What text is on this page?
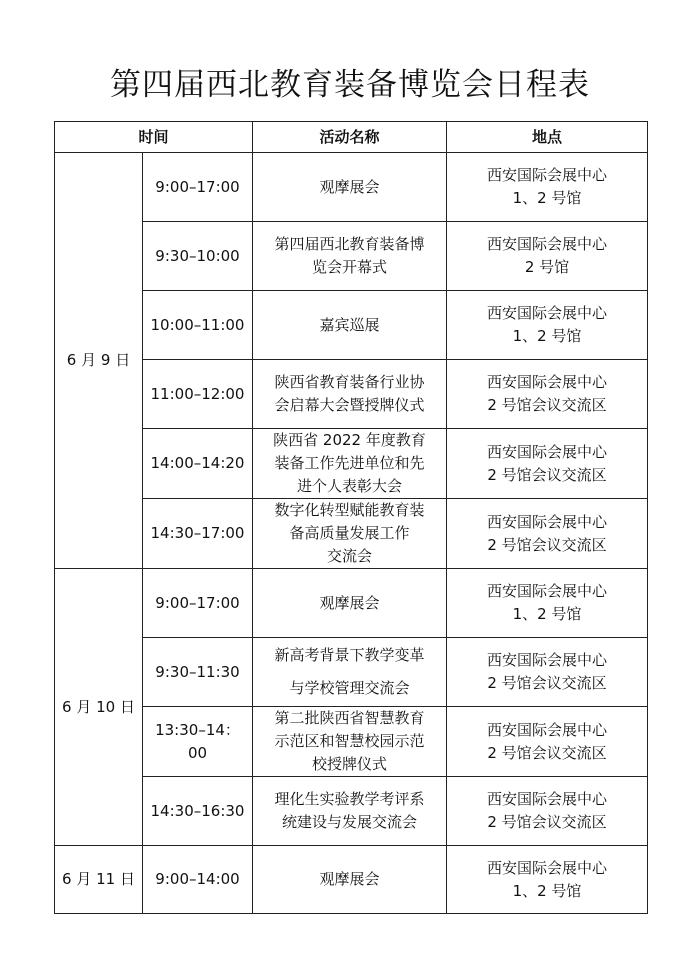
第四届西北教育装备博览会日程表
时间		活动名称	地点
6 月 9 日	9:00–17:00	观摩展会	西安国际会展中心
1、2 号馆
	9:30–10:00	第四届西北教育装备博
览会开幕式	西安国际会展中心
2 号馆
	10:00–11:00	嘉宾巡展	西安国际会展中心
1、2 号馆
	11:00–12:00	陕西省教育装备行业协
会启幕大会暨授牌仪式	西安国际会展中心
2 号馆会议交流区
	14:00–14:20	陕西省 2022 年度教育
装备工作先进单位和先
进个人表彰大会	西安国际会展中心
2 号馆会议交流区
	14:30–17:00	数字化转型赋能教育装
备高质量发展工作
交流会	西安国际会展中心
2 号馆会议交流区
6 月 10 日	9:00–17:00	观摩展会	西安国际会展中心
1、2 号馆
	9:30–11:30	新高考背景下教学变革
与学校管理交流会	西安国际会展中心
2 号馆会议交流区
	13:30–14：00	第二批陕西省智慧教育
示范区和智慧校园示范
校授牌仪式	西安国际会展中心
2 号馆会议交流区
	14:30–16:30	理化生实验教学考评系
统建设与发展交流会	西安国际会展中心
2 号馆会议交流区
6 月 11 日	9:00–14:00	观摩展会	西安国际会展中心
1、2 号馆
